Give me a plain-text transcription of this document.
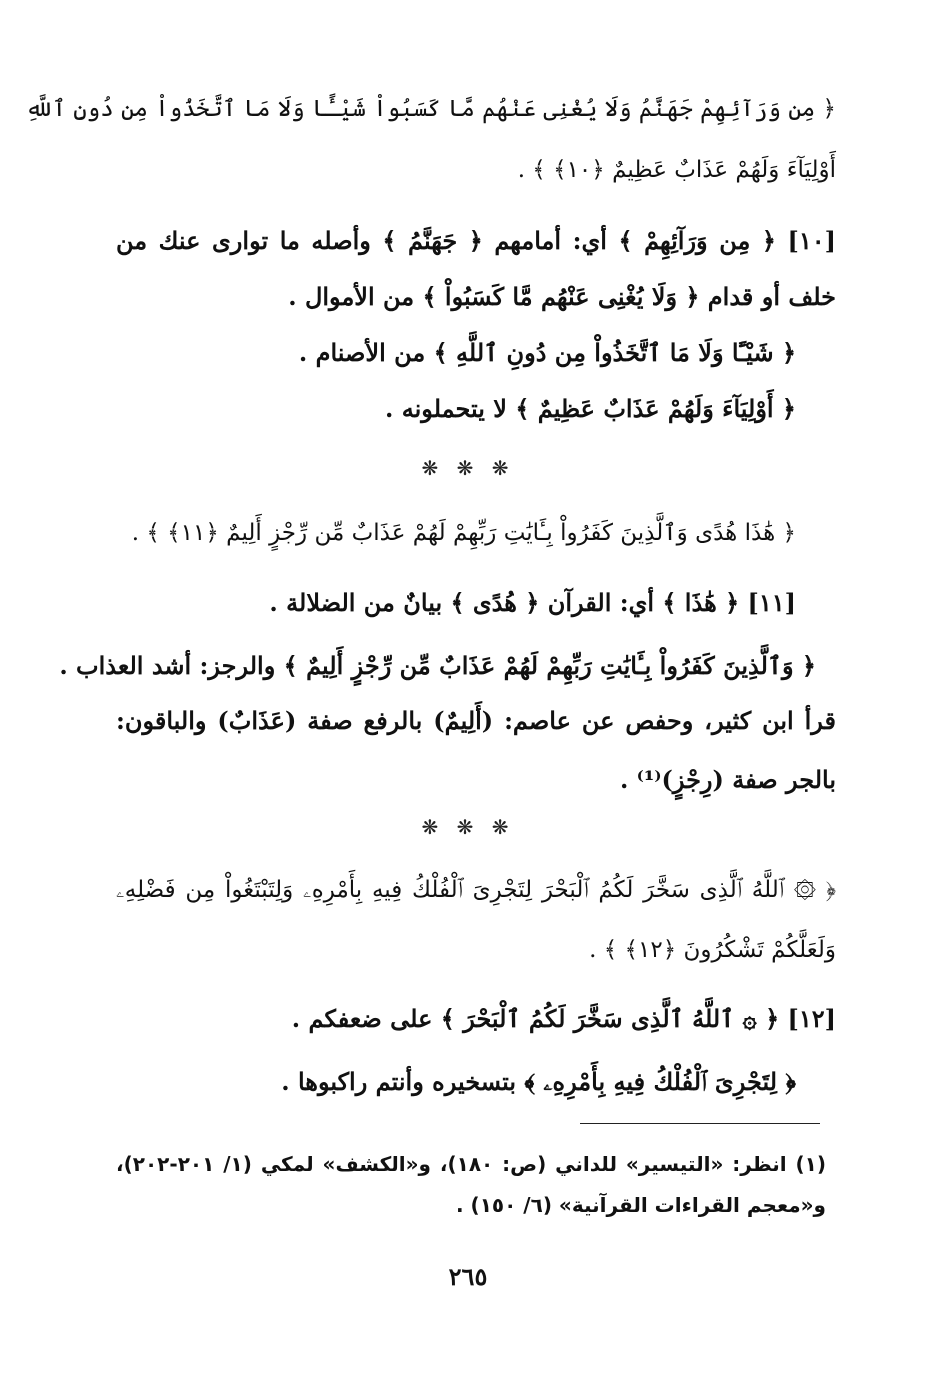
﴿ مِن وَرَآئِهِمْ جَهَنَّمُ وَلَا يُغْنِى عَنْهُم مَّا كَسَبُواْ شَيْـًٔا وَلَا مَا ٱتَّخَذُواْ مِن دُونِ ٱللَّهِ
أَوْلِيَآءَ وَلَهُمْ عَذَابٌ عَظِيمٌ ﴿١٠﴾ ﴾ .
[١٠] ﴿ مِن وَرَآئِهِمْ ﴾ أي: أمامهم ﴿ جَهَنَّمُ ﴾ وأصله ما توارى عنك من
خلف أو قدام ﴿ وَلَا يُغْنِى عَنْهُم مَّا كَسَبُواْ ﴾ من الأموال .
﴿ شَيْـًٔا وَلَا مَا ٱتَّخَذُواْ مِن دُونِ ٱللَّهِ ﴾ من الأصنام .
﴿ أَوْلِيَآءَ وَلَهُمْ عَذَابٌ عَظِيمٌ ﴾ لا يتحملونه .
❋ ❋ ❋
﴿ هَٰذَا هُدًى وَٱلَّذِينَ كَفَرُواْ بِـَٔايَٰتِ رَبِّهِمْ لَهُمْ عَذَابٌ مِّن رِّجْزٍ أَلِيمٌ ﴿١١﴾ ﴾ .
[١١] ﴿ هَٰذَا ﴾ أي: القرآن ﴿ هُدًى ﴾ بيانٌ من الضلالة .
﴿ وَٱلَّذِينَ كَفَرُواْ بِـَٔايَٰتِ رَبِّهِمْ لَهُمْ عَذَابٌ مِّن رِّجْزٍ أَلِيمٌ ﴾ والرجز: أشد العذاب .
قرأ ابن كثير، وحفص عن عاصم: (أَلِيمٌ) بالرفع صفة (عَذَابٌ) والباقون:
بالجر صفة (رِجْزٍ)⁽¹⁾ .
❋ ❋ ❋
﴿ ۞ ٱللَّهُ ٱلَّذِى سَخَّرَ لَكُمُ ٱلْبَحْرَ لِتَجْرِىَ ٱلْفُلْكُ فِيهِ بِأَمْرِهِۦ وَلِتَبْتَغُواْ مِن فَضْلِهِۦ
وَلَعَلَّكُمْ تَشْكُرُونَ ﴿١٢﴾ ﴾ .
[١٢] ﴿ ۞ ٱللَّهُ ٱلَّذِى سَخَّرَ لَكُمُ ٱلْبَحْرَ ﴾ على ضعفكم .
﴿ لِتَجْرِىَ ٱلْفُلْكُ فِيهِ بِأَمْرِهِۦ ﴾ بتسخيره وأنتم راكبوها .
(١) انظر: «التيسير» للداني (ص: ١٨٠)، و«الكشف» لمكي (١/ ٢٠١-٢٠٢)،
و«معجم القراءات القرآنية» (٦/ ١٥٠) .
٢٦٥
